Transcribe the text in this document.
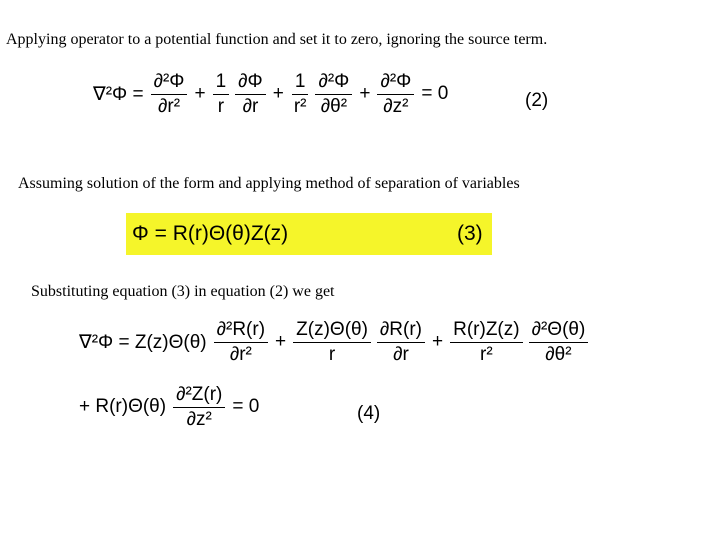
Applying operator to a potential function and set it to zero, ignoring the source term.
$\nabla^2\Phi = \frac{\text{∂²Φ}}{\text{∂r²}} + \frac{1}{r} \frac{\partial\Phi}{\partial r} + \frac{1}{\text{r²}} \frac{\text{∂²Φ}}{\text{∂θ²}} + \frac{\text{∂²Φ}}{\text{∂z²}} = 0$	(2)
Assuming solution of the form and applying method of separation of variables
Φ = R(r)Θ(θ)Z(z)	(3)
Substituting equation (3) in equation (2) we get
$\nabla^2\Phi = Z(z)\Theta(\theta) \frac{\text{∂²R(r)}}{\text{∂r²}} + \frac{Z(z)\Theta(\theta)}{r} \frac{\partial R(r)}{\partial r} + \frac{R(r)Z(z)}{\text{r²}} \frac{\text{∂²Θ(θ)}}{\text{∂θ²}}$
+ $R(r)\Theta(\theta) \frac{\text{∂²Z(r)}}{\text{∂z²}} = 0$	(4)
